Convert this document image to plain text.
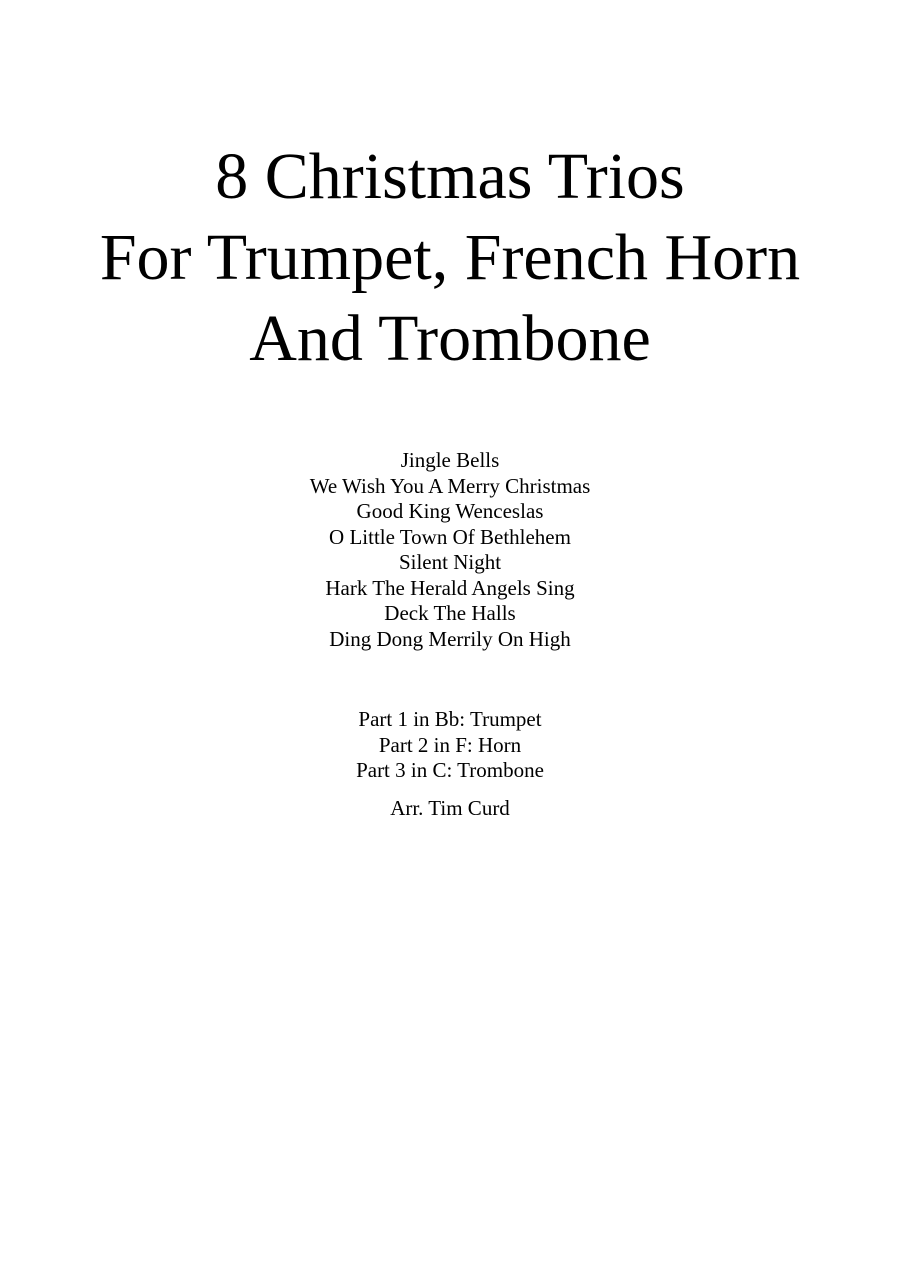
8 Christmas Trios
For Trumpet, French Horn
And Trombone
Jingle Bells
We Wish You A Merry Christmas
Good King Wenceslas
O Little Town Of Bethlehem
Silent Night
Hark The Herald Angels Sing
Deck The Halls
Ding Dong Merrily On High
Part 1 in Bb: Trumpet
Part 2 in F: Horn
Part 3 in C: Trombone
Arr. Tim Curd
